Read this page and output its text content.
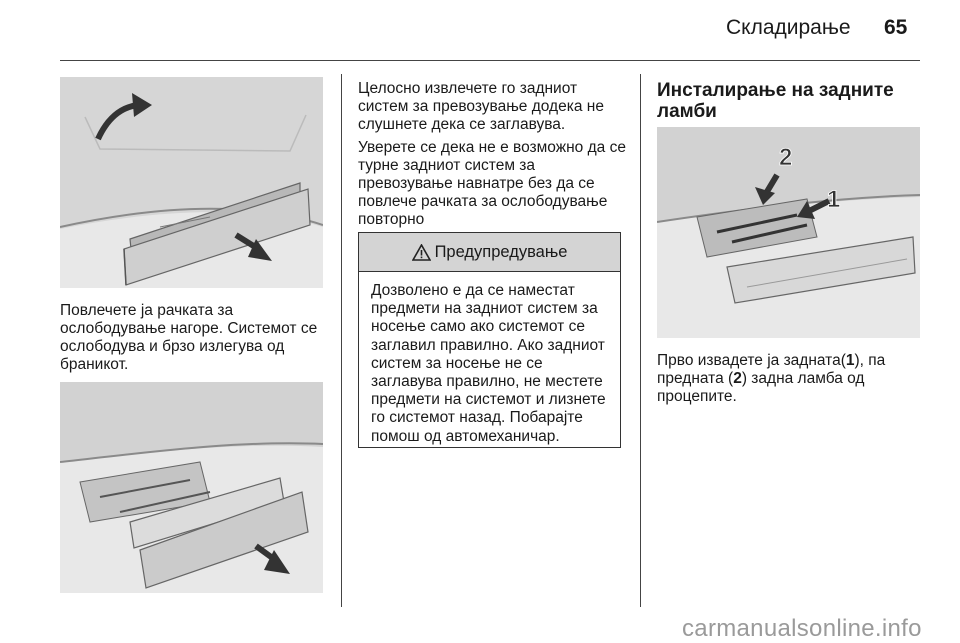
Складирање 65

Повлечете ја рачката за ослободување нагоре. Системот се ослободува и брзо излегува од браникот.

Целосно извлечете го задниот систем за превозување додека не слушнете дека се заглавува.

Уверете се дека не е возможно да се турне задниот систем за превозување навнатре без да се повлече рачката за ослободување повторно

Предупредување

Дозволено е да се наместат предмети на задниот систем за носење само ако системот се заглавил правилно. Ако задниот систем за носење не се заглавува правилно, не местете предмети на системот и лизнете го системот назад. Побарајте помош од автомеханичар.

Инсталирање на задните ламби

2
1

Прво извадете ја задната(1), па предната (2) задна ламба од процепите.

carmanualsonline.info
